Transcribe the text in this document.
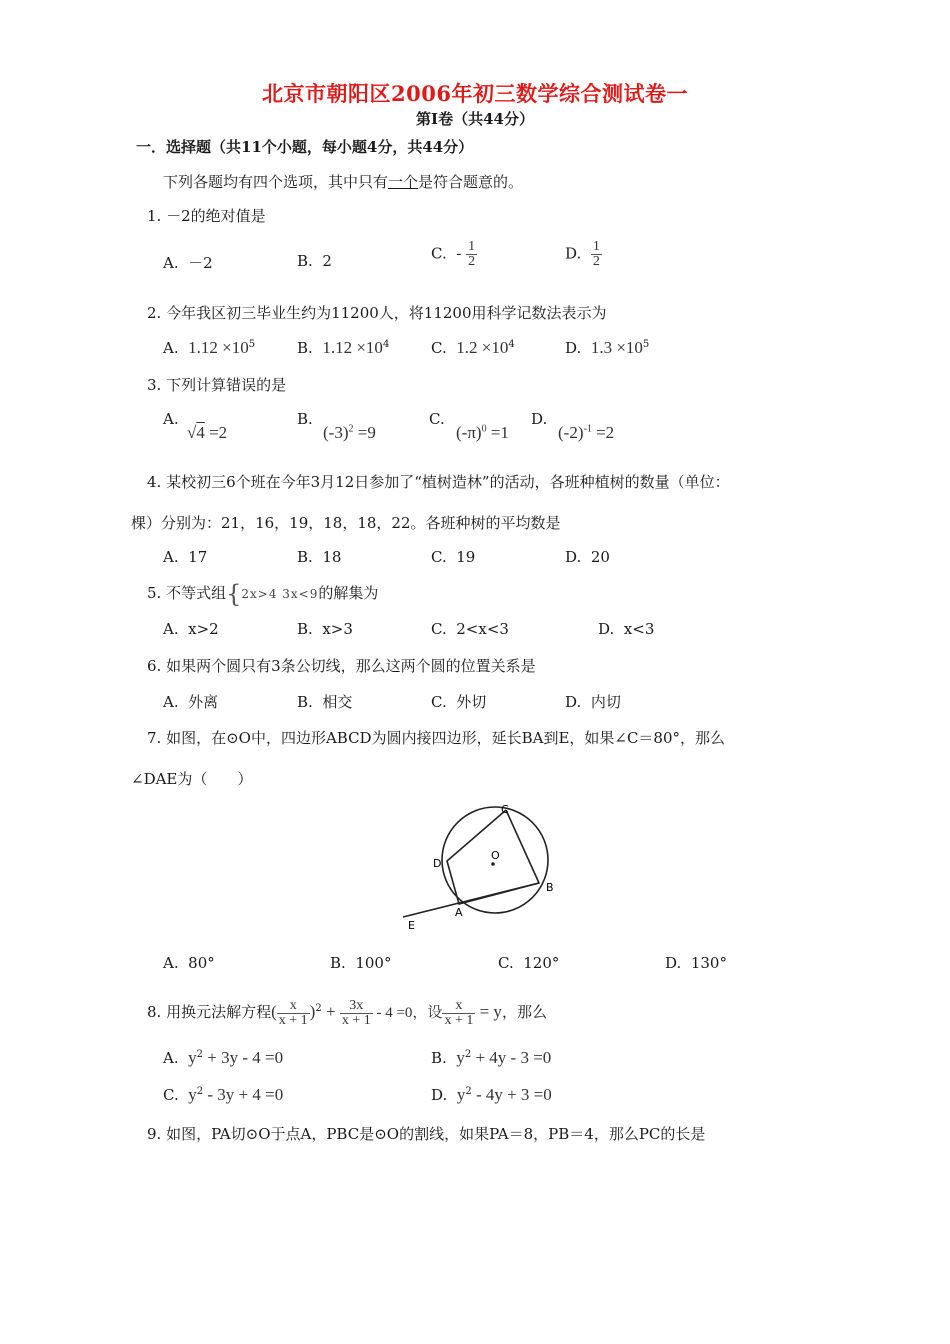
北京市朝阳区2006年初三数学综合测试卷一
第Ⅰ卷（共44分）
一．选择题（共11个小题，每小题4分，共44分）
下列各题均有四个选项，其中只有一个是符合题意的。
1. －2的绝对值是
A. －2	B. 2	C. - $\frac{1}{2}$	D. $\frac{1}{2}$
2. 今年我区初三毕业生约为11200人，将11200用科学记数法表示为
A. $1.12 \times 10^5$	B. $1.12 \times 10^4$	C. $1.2 \times 10^4$	D. $1.3 \times 10^5$
3. 下列计算错误的是
A.
√4 =2
B.
$(-3)^2 =9$
C.
$(-\pi)^0 =1$
D.
$(-2)^{-1} =2$
4. 某校初三6个班在今年3月12日参加了“植树造林”的活动，各班种植树的数量（单位：
棵）分别为：21，16，19，18，18，22。各班种树的平均数是
A. 17	B. 18	C. 19	D. 20
5. 不等式组{2x>4 3x<9的解集为
A. x>2	B. x>3	C. 2<x<3	D. x<3
6. 如果两个圆只有3条公切线，那么这两个圆的位置关系是
A. 外离	B. 相交	C. 外切	D. 内切
7. 如图，在⊙O中，四边形ABCD为圆内接四边形，延长BA到E，如果∠C＝80°，那么
∠DAE为（　　）
C
D
O
B
A
E
A. 80°	B. 100°	C. 120°	D. 130°
8. 用换元法解方程( $\frac{x}{x + 1} )^2 + \frac{3x}{x + 1} - 4 =0$，设 $\frac{x}{x + 1} = y$，那么
A. $y^2 + 3y - 4 =0$	B. $y^2 + 4y - 3 =0$
C. $y^2 - 3y + 4 =0$	D. $y^2 - 4y + 3 =0$
9. 如图，PA切⊙O于点A，PBC是⊙O的割线，如果PA＝8，PB＝4，那么PC的长是
